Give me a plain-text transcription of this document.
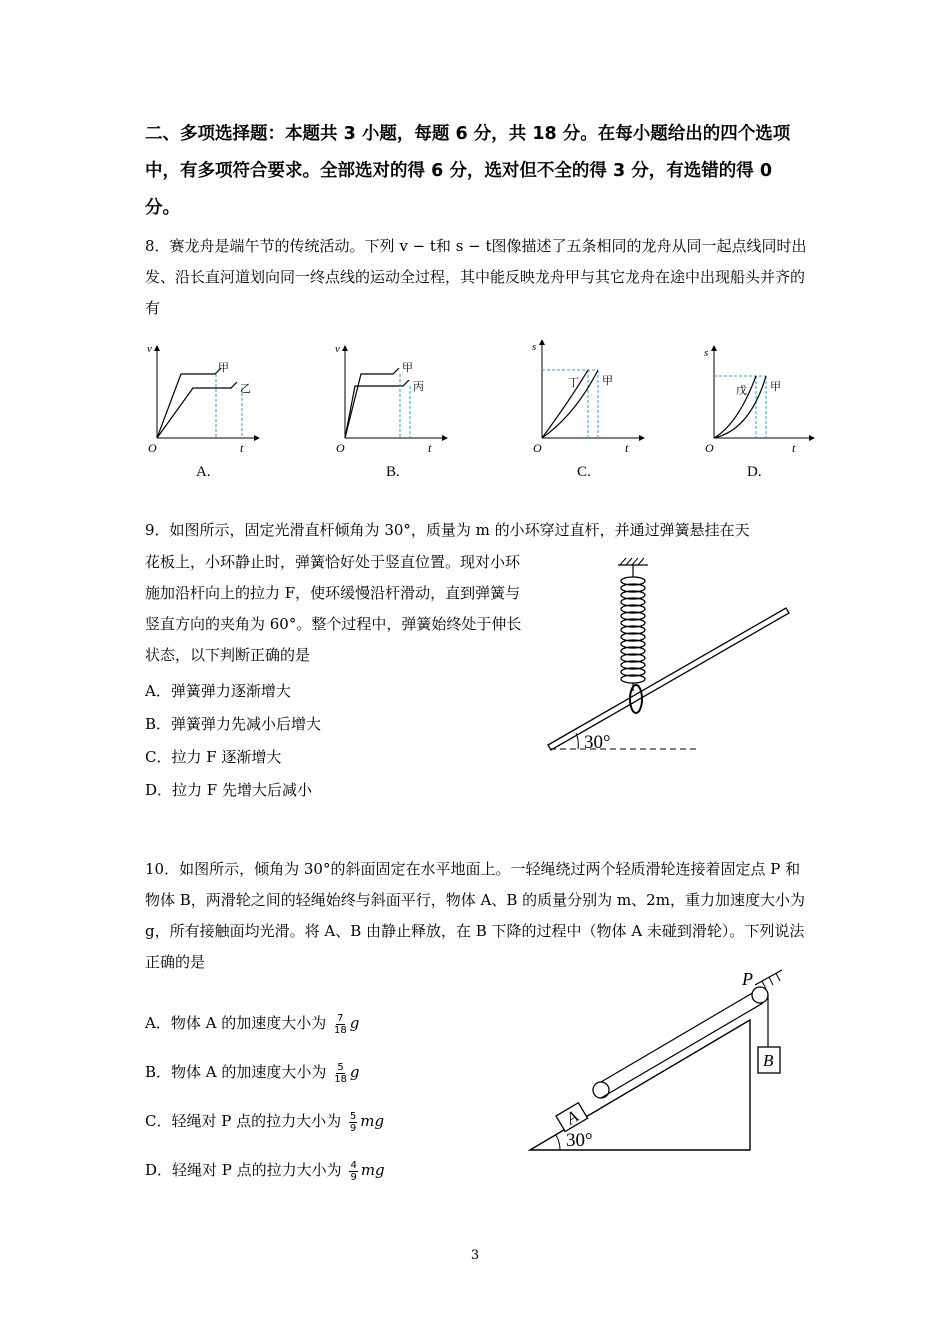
二、多项选择题：本题共 3 小题，每题 6 分，共 18 分。在每小题给出的四个选项中，有多项符合要求。全部选对的得 6 分，选对但不全的得 3 分，有选错的得 0 分。
8．赛龙舟是端午节的传统活动。下列 v − t和 s − t图像描述了五条相同的龙舟从同一起点线同时出发、沿长直河道划向同一终点线的运动全过程，其中能反映龙舟甲与其它龙舟在途中出现船头并齐的有
v
t
O
甲
乙
A.
v
t
O
甲
丙
B.
s
t
O
丁 甲
C.
s
t
O
戊 甲
D.
9．如图所示，固定光滑直杆倾角为 30°，质量为 m 的小环穿过直杆，并通过弹簧悬挂在天
花板上，小环静止时，弹簧恰好处于竖直位置。现对小环施加沿杆向上的拉力 F，使环缓慢沿杆滑动，直到弹簧与竖直方向的夹角为 60°。整个过程中，弹簧始终处于伸长状态，以下判断正确的是
A．弹簧弹力逐渐增大
B．弹簧弹力先减小后增大
C．拉力 F 逐渐增大
D．拉力 F 先增大后减小
30°
10．如图所示，倾角为 30°的斜面固定在水平地面上。一轻绳绕过两个轻质滑轮连接着固定点 P 和物体 B，两滑轮之间的轻绳始终与斜面平行，物体 A、B 的质量分别为 m、2m，重力加速度大小为 g，所有接触面均光滑。将 A、B 由静止释放，在 B 下降的过程中（物体 A 未碰到滑轮）。下列说法正确的是
A．物体 A 的加速度大小为 $\frac{7}{18}$ g
B．物体 A 的加速度大小为 $\frac{5}{18}$ g
C．轻绳对 P 点的拉力大小为 $\frac{5}{9}$ mg
D．轻绳对 P 点的拉力大小为 $\frac{4}{9}$ mg
30°
A
P
B
3
